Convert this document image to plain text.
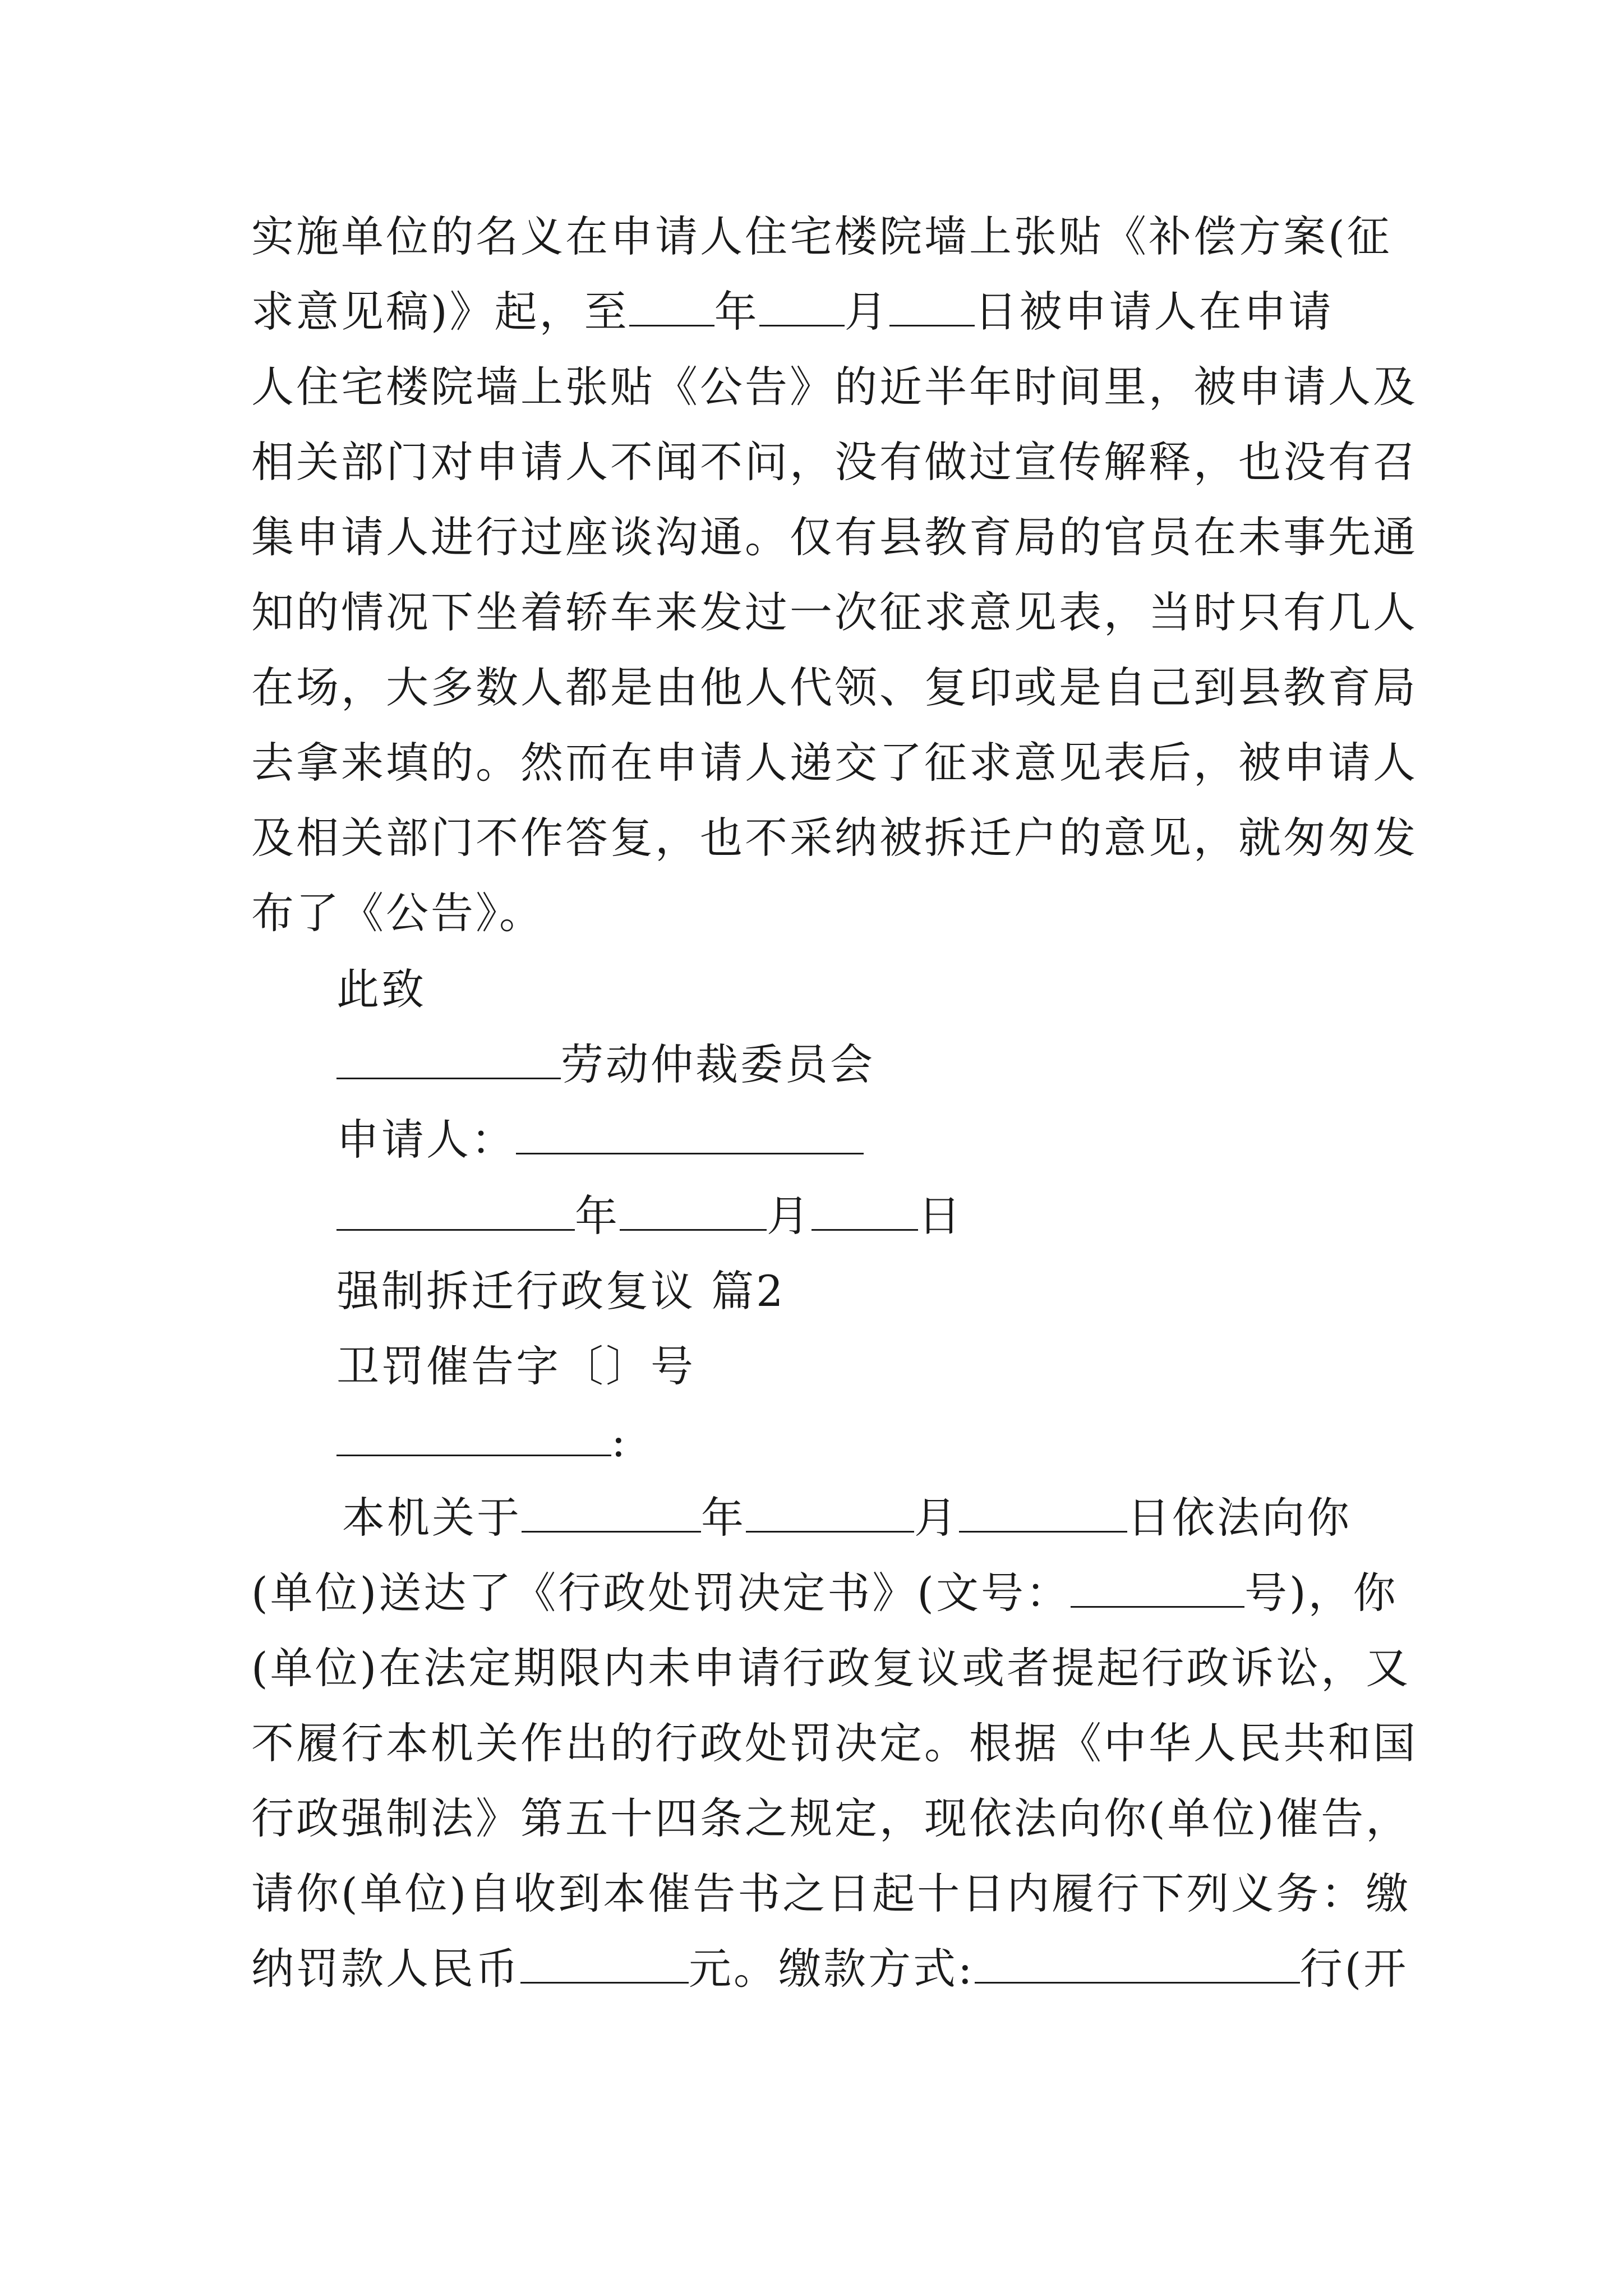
实施单位的名义在申请人住宅楼院墙上张贴《补偿方案(征
求意见稿)》起，至 年 月 日被申请人在申请
人住宅楼院墙上张贴《公告》的近半年时间里，被申请人及
相关部门对申请人不闻不问，没有做过宣传解释，也没有召
集申请人进行过座谈沟通。仅有县教育局的官员在未事先通
知的情况下坐着轿车来发过一次征求意见表，当时只有几人
在场，大多数人都是由他人代领、复印或是自己到县教育局
去拿来填的。然而在申请人递交了征求意见表后，被申请人
及相关部门不作答复，也不采纳被拆迁户的意见，就匆匆发
布了《公告》。
此致
劳动仲裁委员会
申请人：
年	月	日
强制拆迁行政复议 篇2
卫罚催告字〔〕号
:
本机关于	年	月	日依法向你
(单位)送达了《行政处罚决定书》(文号：	号)，你
(单位)在法定期限内未申请行政复议或者提起行政诉讼，又
不履行本机关作出的行政处罚决定。根据《中华人民共和国
行政强制法》第五十四条之规定，现依法向你(单位)催告，
请你(单位)自收到本催告书之日起十日内履行下列义务：缴
纳罚款人民币	元。缴款方式:	行(开
